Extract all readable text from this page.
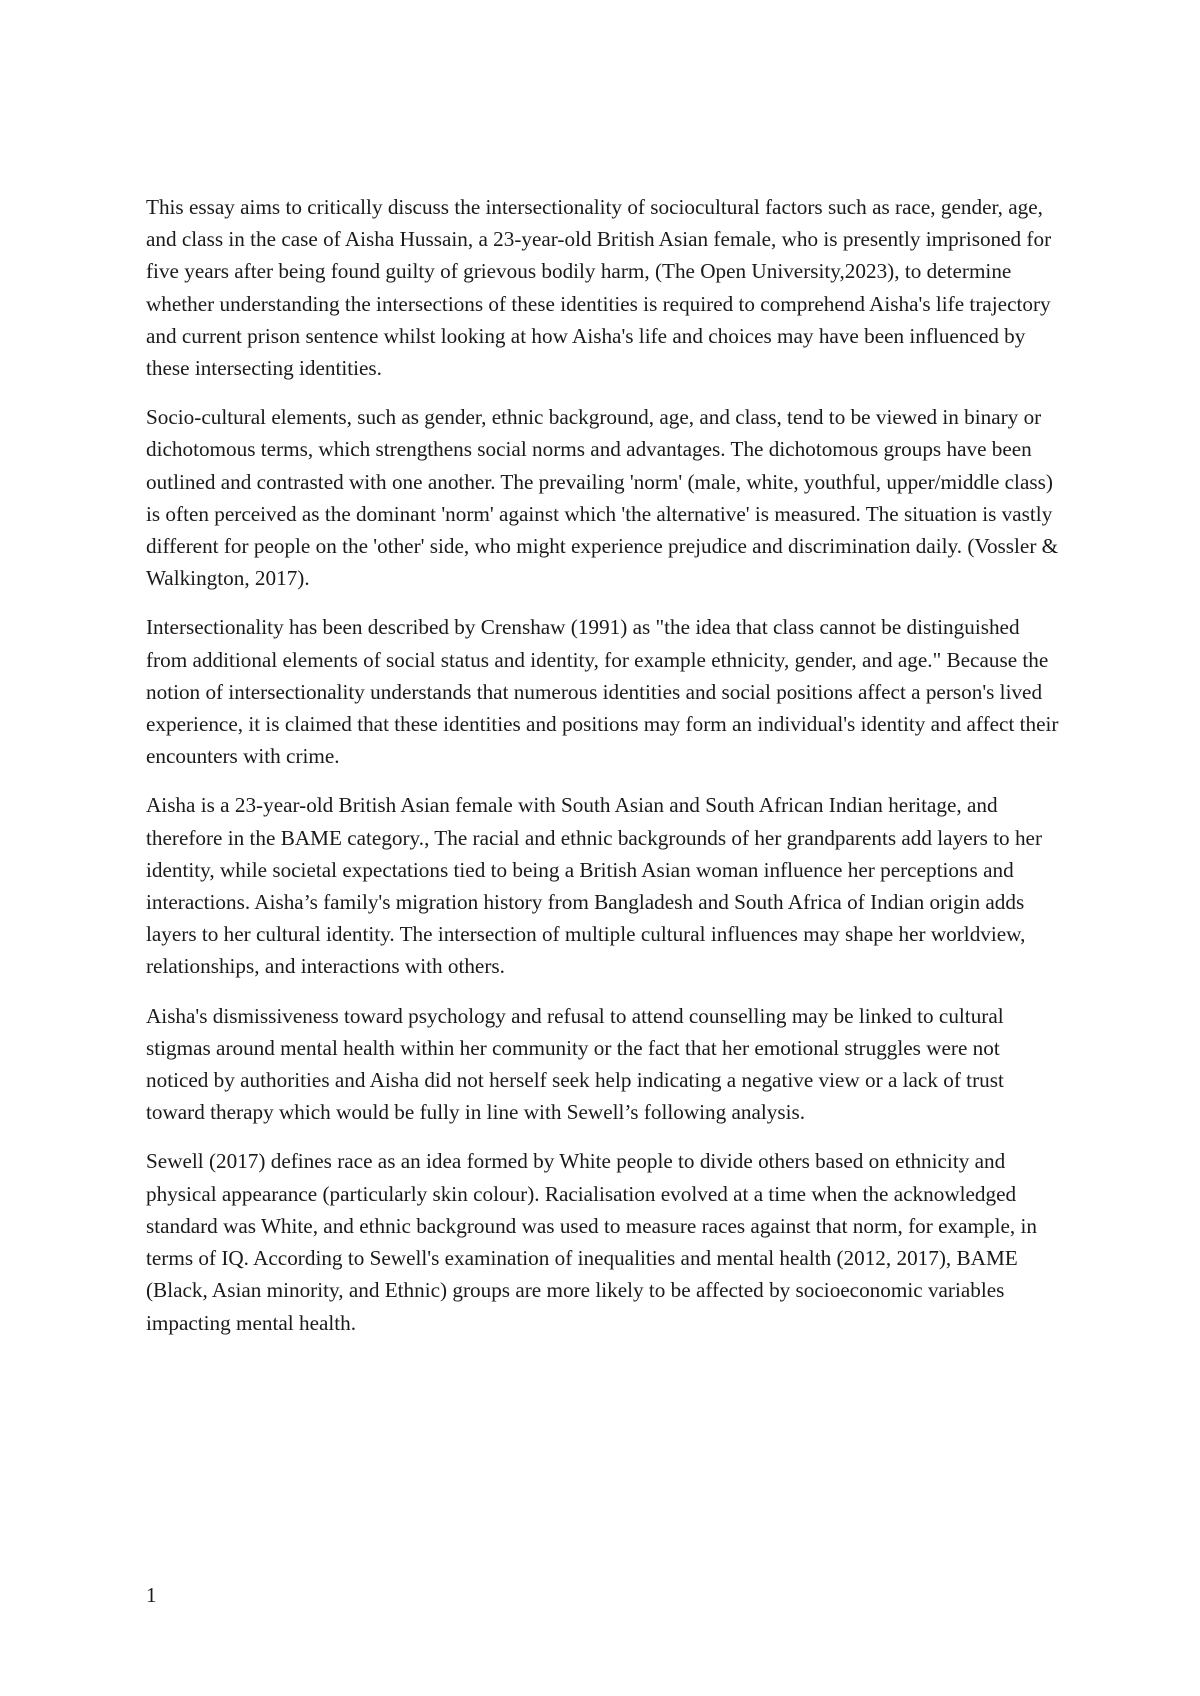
This essay aims to critically discuss the intersectionality of sociocultural factors such as race, gender, age, and class in the case of Aisha Hussain, a 23-year-old British Asian female, who is presently imprisoned for five years after being found guilty of grievous bodily harm, (The Open University,2023), to determine whether understanding the intersections of these identities is required to comprehend Aisha's life trajectory and current prison sentence whilst looking at how Aisha's life and choices may have been influenced by these intersecting identities.

Socio-cultural elements, such as gender, ethnic background, age, and class, tend to be viewed in binary or dichotomous terms, which strengthens social norms and advantages. The dichotomous groups have been outlined and contrasted with one another. The prevailing 'norm' (male, white, youthful, upper/middle class) is often perceived as the dominant 'norm' against which 'the alternative' is measured. The situation is vastly different for people on the 'other' side, who might experience prejudice and discrimination daily. (Vossler & Walkington, 2017).

Intersectionality has been described by Crenshaw (1991) as "the idea that class cannot be distinguished from additional elements of social status and identity, for example ethnicity, gender, and age." Because the notion of intersectionality understands that numerous identities and social positions affect a person's lived experience, it is claimed that these identities and positions may form an individual's identity and affect their encounters with crime.

Aisha is a 23-year-old British Asian female with South Asian and South African Indian heritage, and therefore in the BAME category., The racial and ethnic backgrounds of her grandparents add layers to her identity, while societal expectations tied to being a British Asian woman influence her perceptions and interactions. Aisha’s family's migration history from Bangladesh and South Africa of Indian origin adds layers to her cultural identity. The intersection of multiple cultural influences may shape her worldview, relationships, and interactions with others.

Aisha's dismissiveness toward psychology and refusal to attend counselling may be linked to cultural stigmas around mental health within her community or the fact that her emotional struggles were not noticed by authorities and Aisha did not herself seek help indicating a negative view or a lack of trust toward therapy which would be fully in line with Sewell’s following analysis.

Sewell (2017) defines race as an idea formed by White people to divide others based on ethnicity and physical appearance (particularly skin colour). Racialisation evolved at a time when the acknowledged standard was White, and ethnic background was used to measure races against that norm, for example, in terms of IQ. According to Sewell's examination of inequalities and mental health (2012, 2017), BAME (Black, Asian minority, and Ethnic) groups are more likely to be affected by socioeconomic variables impacting mental health.

1
